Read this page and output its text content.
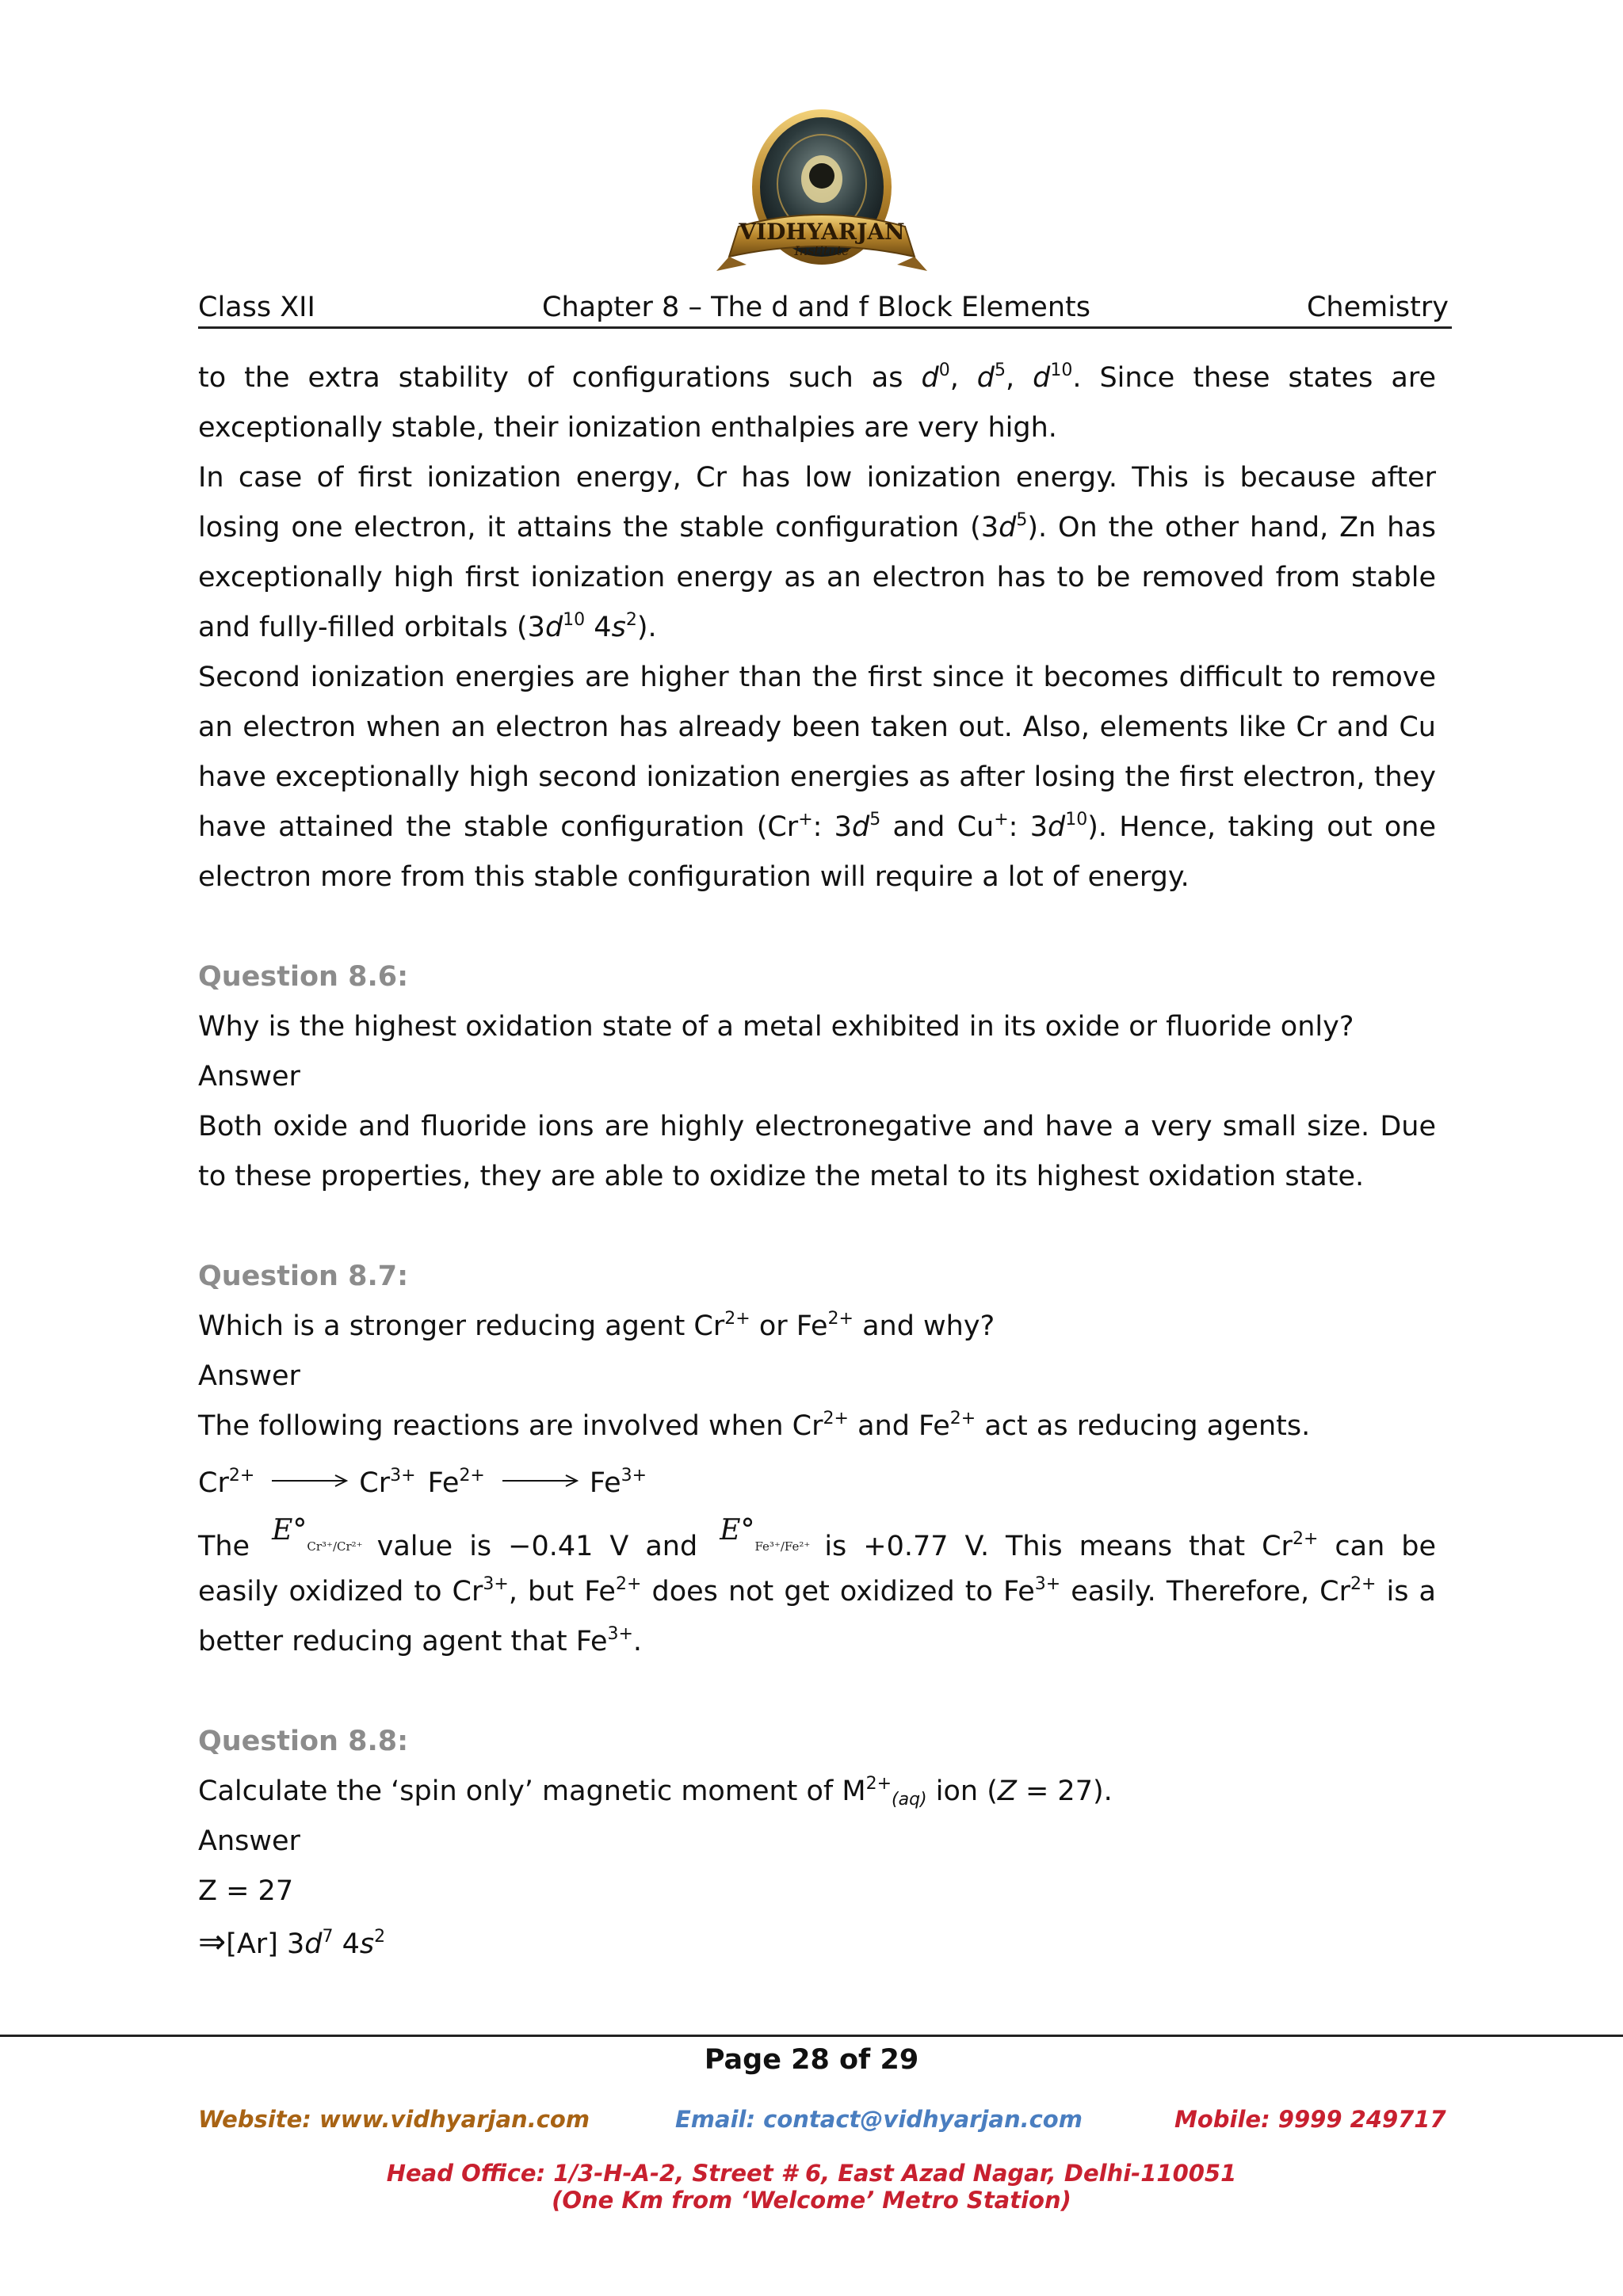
VIDHYARJAN
Institute
Class XII	Chapter 8 – The d and f Block Elements	Chemistry
to the extra stability of configurations such as $d^0$, $d^5$, $d^{10}$. Since these states are
exceptionally stable, their ionization enthalpies are very high.
In case of first ionization energy, Cr has low ionization energy. This is because after
losing one electron, it attains the stable configuration $(3d^5)$. On the other hand, Zn has
exceptionally high first ionization energy as an electron has to be removed from stable
and fully-filled orbitals ($3d^{10}$ $4s^2$).
Second ionization energies are higher than the first since it becomes difficult to remove
an electron when an electron has already been taken out. Also, elements like Cr and Cu
have exceptionally high second ionization energies as after losing the first electron, they
have attained the stable configuration (Cr+: $3d^5$ and Cu+: $3d^{10}$). Hence, taking out one
electron more from this stable configuration will require a lot of energy.
Question 8.6:
Why is the highest oxidation state of a metal exhibited in its oxide or fluoride only?
Answer
Both oxide and fluoride ions are highly electronegative and have a very small size. Due
to these properties, they are able to oxidize the metal to its highest oxidation state.
Question 8.7:
Which is a stronger reducing agent $Cr^{2+}$ or $Fe^{2+}$ and why?
Answer
The following reactions are involved when $Cr^{2+}$ and $Fe^{2+}$ act as reducing agents.
$Cr^{2+}$	$Cr^{3+}$ $Fe^{2+}$	$Fe^{3+}$
The E°Cr³⁺/Cr²⁺ value is −0.41 V and E°Fe³⁺/Fe²⁺ is +0.77 V. This means that $Cr^{2+}$ can be
easily oxidized to $Cr^{3+}$, but $Fe^{2+}$ does not get oxidized to $Fe^{3+}$ easily. Therefore, $Cr^{2+}$ is a
better reducing agent that $Fe^{3+}$.
Question 8.8:
Calculate the ‘spin only’ magnetic moment of $M^{2+}_{(aq)}$ ion (Z = 27).
Answer
Z = 27
⇒[Ar] $3d^7$ $4s^2$
Page 28 of 29
Website: www.vidhyarjan.com	Email: contact@vidhyarjan.com	Mobile: 9999 249717
Head Office: 1/3-H-A-2, Street # 6, East Azad Nagar, Delhi-110051
(One Km from ‘Welcome’ Metro Station)
